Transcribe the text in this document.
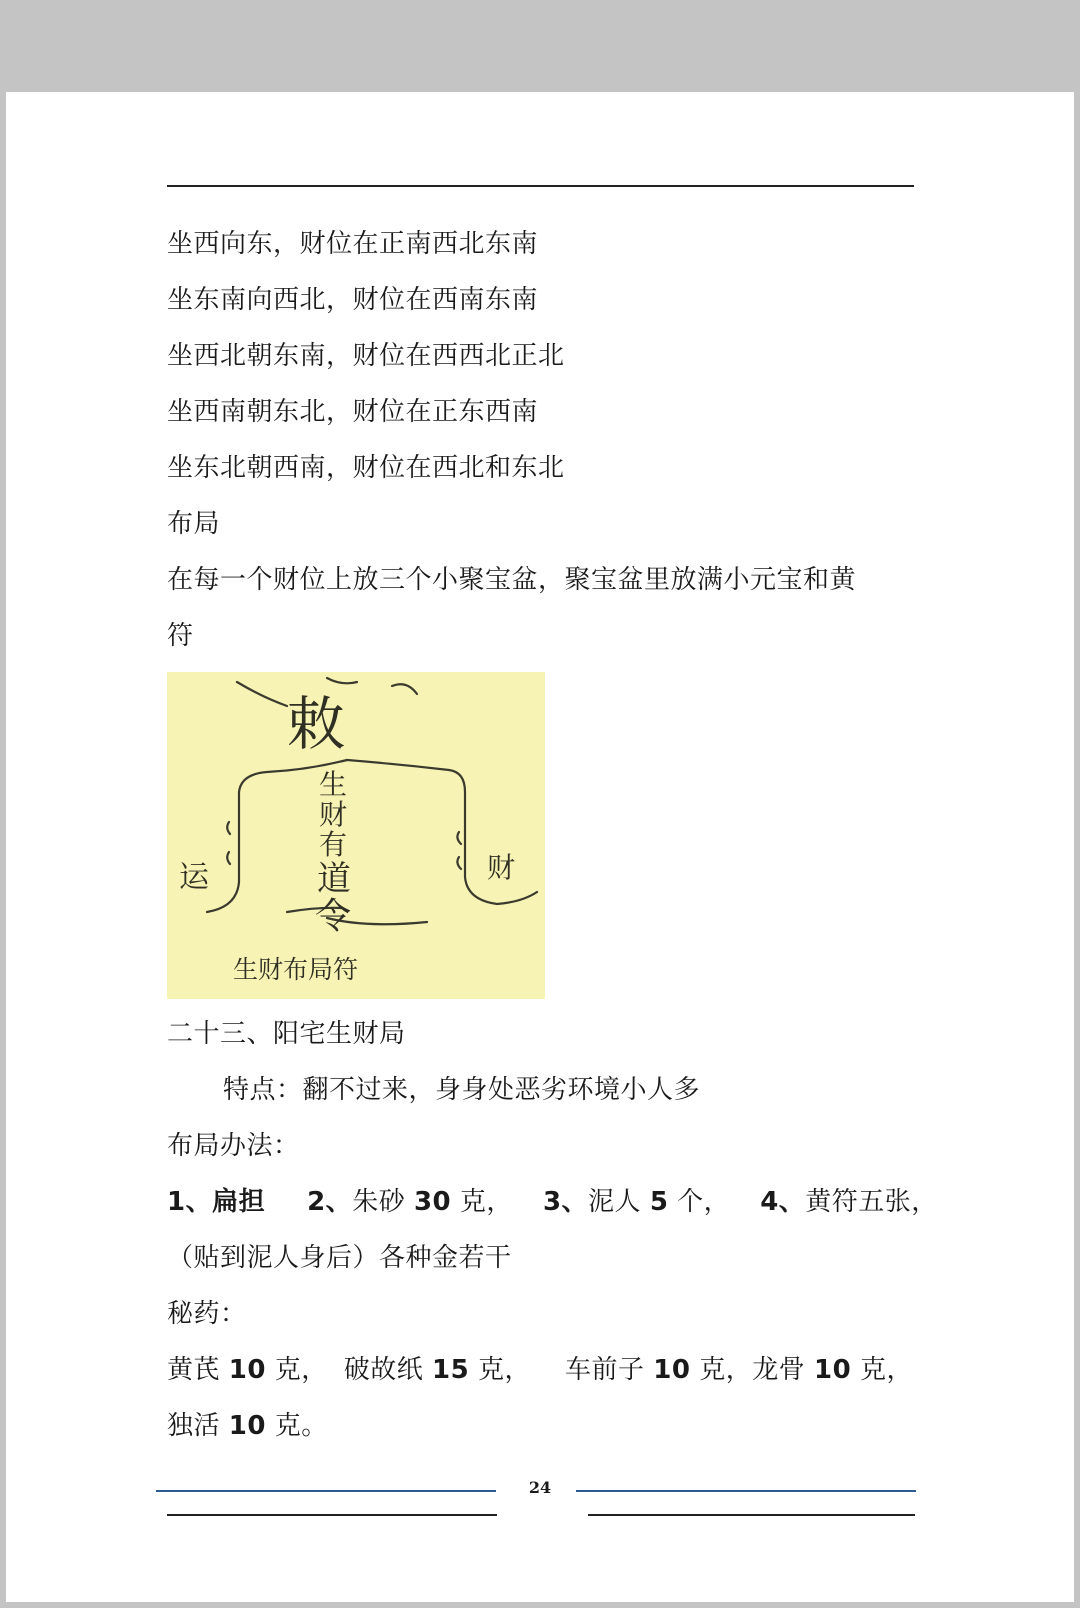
坐西向东，财位在正南西北东南
坐东南向西北，财位在西南东南
坐西北朝东南，财位在西西北正北
坐西南朝东北，财位在正东西南
坐东北朝西南，财位在西北和东北
布局
在每一个财位上放三个小聚宝盆，聚宝盆里放满小元宝和黄
符
敕
生
财
有
道
令
运	财
生财布局符
二十三、阳宅生财局
特点：翻不过来，身身处恶劣环境小人多
布局办法：
1、扁担 2、朱砂 30 克， 3、泥人 5 个， 4、黄符五张，
（贴到泥人身后）各种金若干
秘药：
黄芪 10 克， 破故纸 15 克， 车前子 10 克，龙骨 10 克，
独活 10 克。
24
